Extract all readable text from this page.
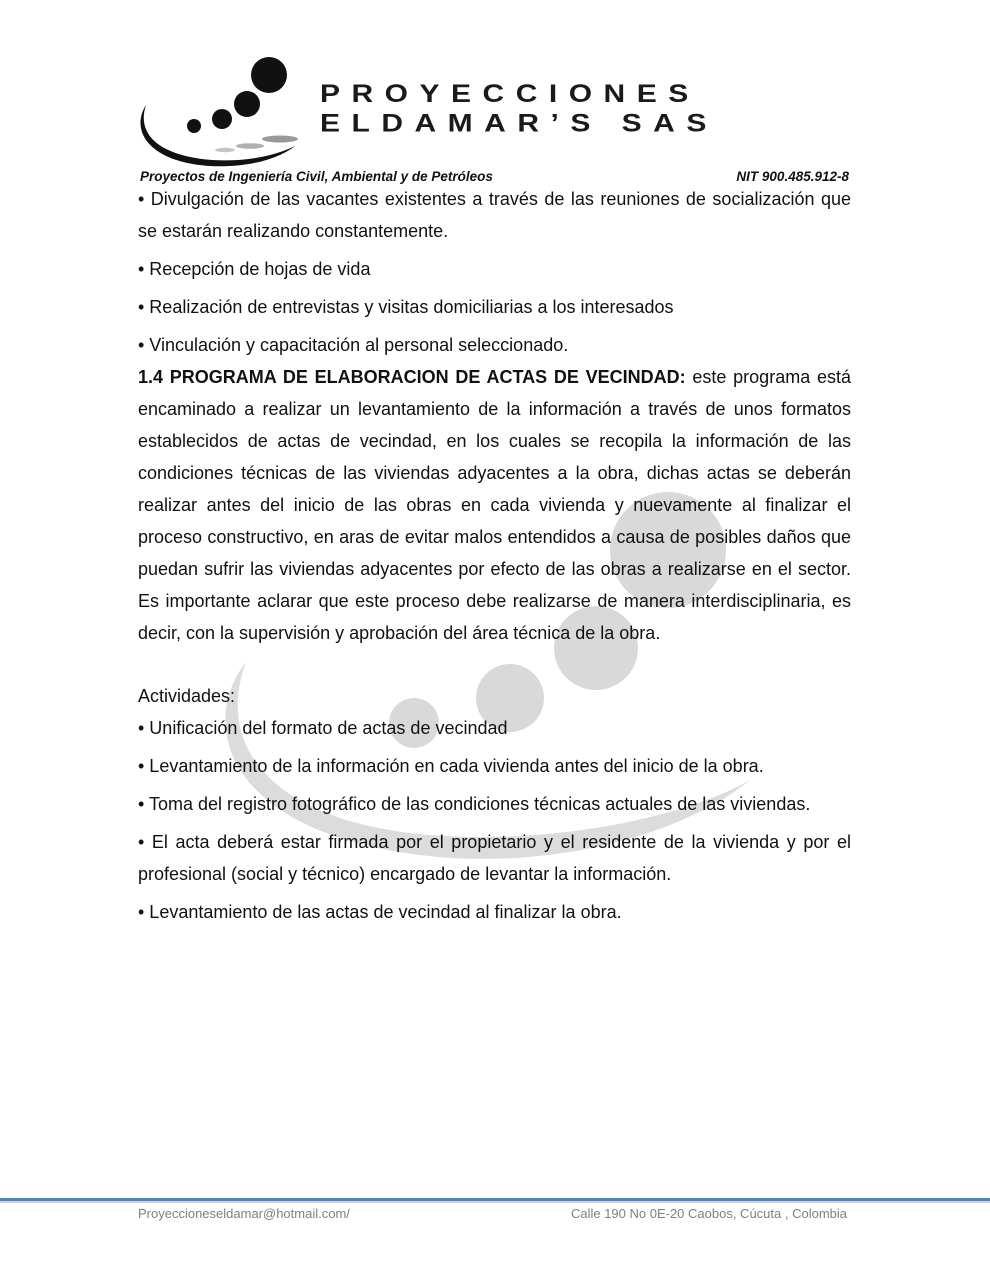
PROYECCIONES
ELDAMAR’S SAS
Proyectos de Ingeniería Civil, Ambiental y de Petróleos	NIT 900.485.912-8

• Divulgación de las vacantes existentes a través de las reuniones de socialización que se estarán realizando constantemente.

• Recepción de hojas de vida

• Realización de entrevistas y visitas domiciliarias a los interesados

• Vinculación y capacitación al personal seleccionado.

1.4 PROGRAMA DE ELABORACION DE ACTAS DE VECINDAD: este programa está encaminado a realizar un levantamiento de la información a través de unos formatos establecidos de actas de vecindad, en los cuales se recopila la información de las condiciones técnicas de las viviendas adyacentes a la obra, dichas actas se deberán realizar antes del inicio de las obras en cada vivienda y nuevamente al finalizar el proceso constructivo, en aras de evitar malos entendidos a causa de posibles daños que puedan sufrir las viviendas adyacentes por efecto de las obras a realizarse en el sector. Es importante aclarar que este proceso debe realizarse de manera interdisciplinaria, es decir, con la supervisión y aprobación del área técnica de la obra.

Actividades:

• Unificación del formato de actas de vecindad

• Levantamiento de la información en cada vivienda antes del inicio de la obra.

• Toma del registro fotográfico de las condiciones técnicas actuales de las viviendas.

• El acta deberá estar firmada por el propietario y el residente de la vivienda y por el profesional (social y técnico) encargado de levantar la información.

• Levantamiento de las actas de vecindad al finalizar la obra.

Proyeccioneseldamar@hotmail.com/	Calle 190 No 0E-20 Caobos, Cúcuta , Colombia
